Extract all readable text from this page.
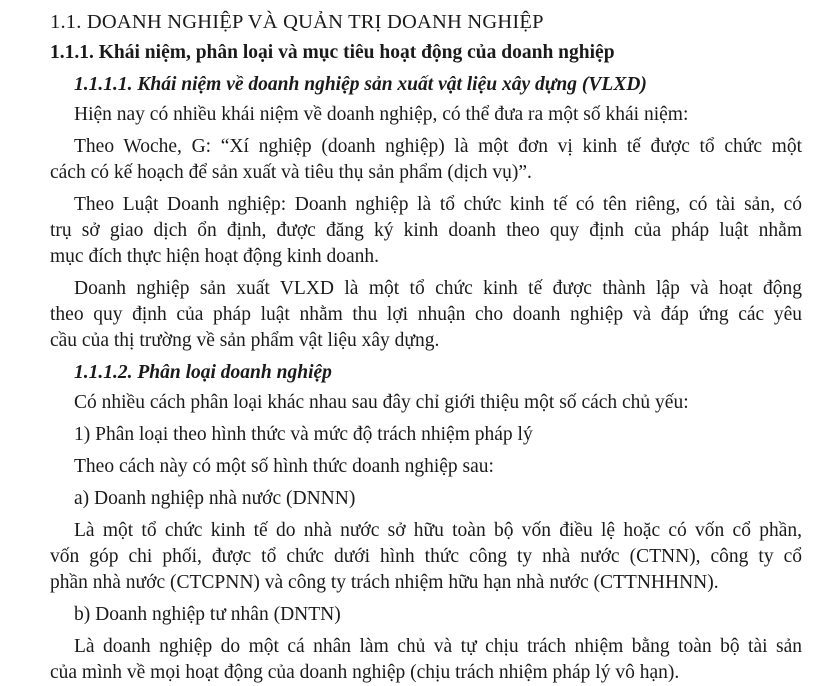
1.1. DOANH NGHIỆP VÀ QUẢN TRỊ DOANH NGHIỆP
1.1.1. Khái niệm, phân loại và mục tiêu hoạt động của doanh nghiệp
1.1.1.1. Khái niệm về doanh nghiệp sản xuất vật liệu xây dựng (VLXD)
Hiện nay có nhiều khái niệm về doanh nghiệp, có thể đưa ra một số khái niệm:
Theo Woche, G: “Xí nghiệp (doanh nghiệp) là một đơn vị kinh tế được tổ chức một
cách có kế hoạch để sản xuất và tiêu thụ sản phẩm (dịch vụ)”.
Theo Luật Doanh nghiệp: Doanh nghiệp là tổ chức kinh tế có tên riêng, có tài sản, có
trụ sở giao dịch ổn định, được đăng ký kinh doanh theo quy định của pháp luật nhằm
mục đích thực hiện hoạt động kinh doanh.
Doanh nghiệp sản xuất VLXD là một tổ chức kinh tế được thành lập và hoạt động
theo quy định của pháp luật nhằm thu lợi nhuận cho doanh nghiệp và đáp ứng các yêu
cầu của thị trường về sản phẩm vật liệu xây dựng.
1.1.1.2. Phân loại doanh nghiệp
Có nhiều cách phân loại khác nhau sau đây chỉ giới thiệu một số cách chủ yếu:
1) Phân loại theo hình thức và mức độ trách nhiệm pháp lý
Theo cách này có một số hình thức doanh nghiệp sau:
a) Doanh nghiệp nhà nước (DNNN)
Là một tổ chức kinh tế do nhà nước sở hữu toàn bộ vốn điều lệ hoặc có vốn cổ phần,
vốn góp chi phối, được tổ chức dưới hình thức công ty nhà nước (CTNN), công ty cổ
phần nhà nước (CTCPNN) và công ty trách nhiệm hữu hạn nhà nước (CTTNHHNN).
b) Doanh nghiệp tư nhân (DNTN)
Là doanh nghiệp do một cá nhân làm chủ và tự chịu trách nhiệm bằng toàn bộ tài sản
của mình về mọi hoạt động của doanh nghiệp (chịu trách nhiệm pháp lý vô hạn).
